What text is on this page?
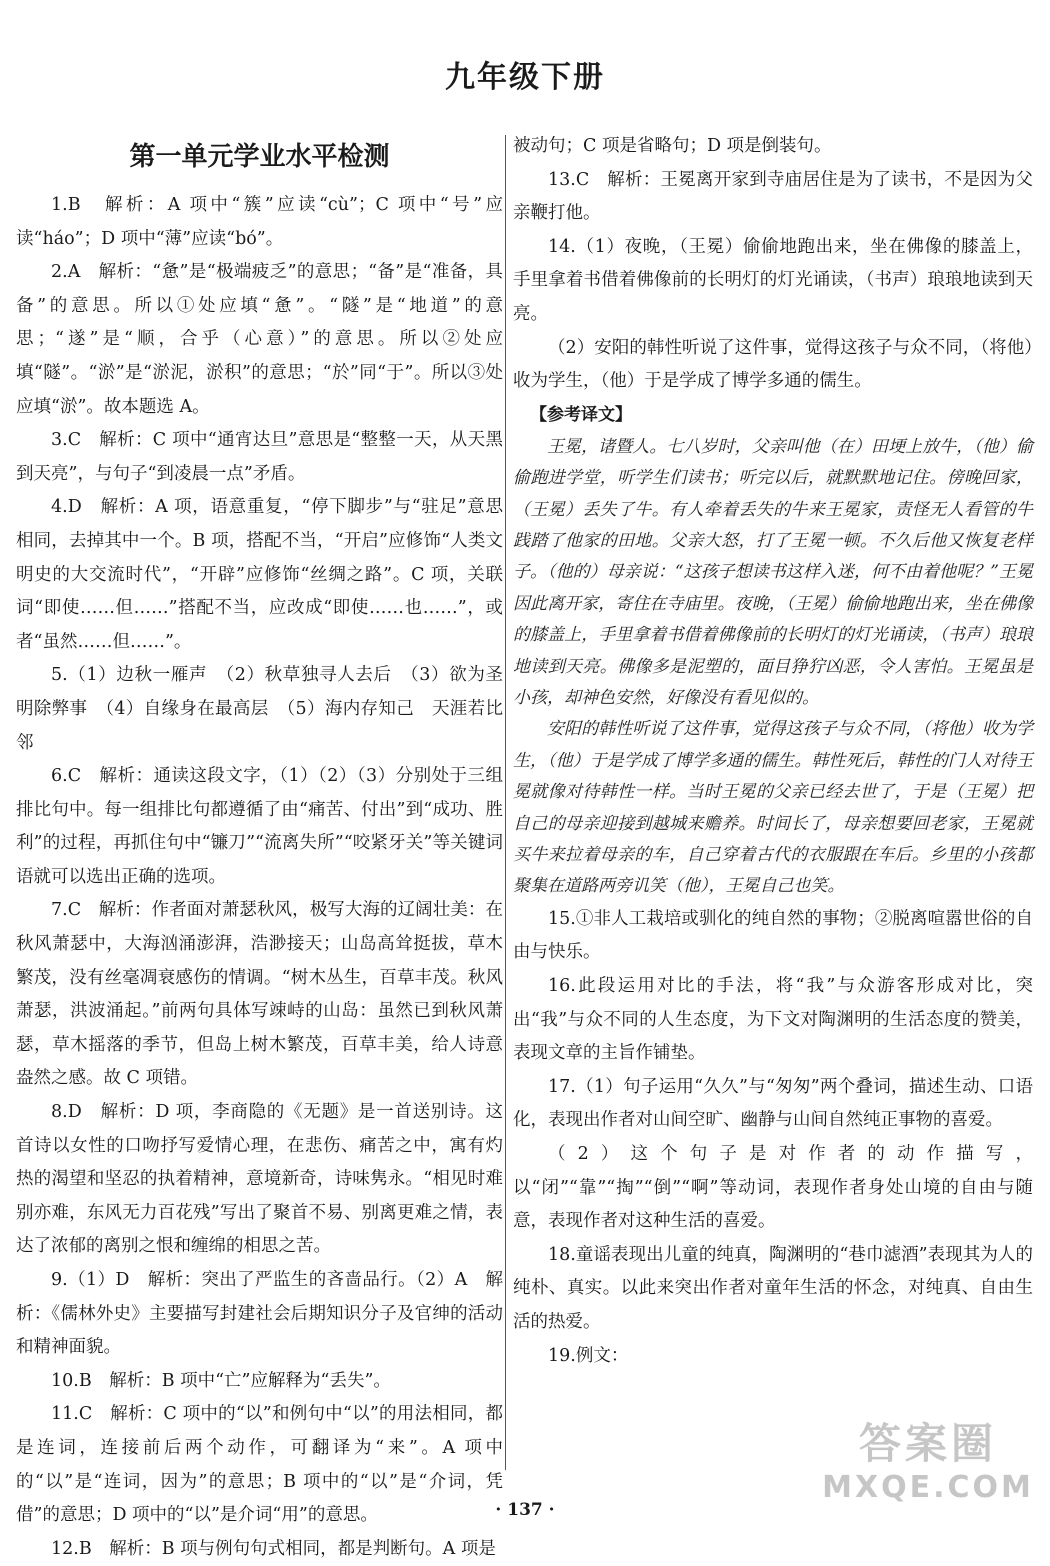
九年级下册
第一单元学业水平检测

1.B　解析：A 项中“簇”应读“cù”；C 项中“号”应读“háo”；D 项中“薄”应读“bó”。

2.A　解析：“惫”是“极端疲乏”的意思；“备”是“准备，具备”的意思。所以①处应填“惫”。“隧”是“地道”的意思；“遂”是“顺，合乎（心意）”的意思。所以②处应填“隧”。“淤”是“淤泥，淤积”的意思；“於”同“于”。所以③处应填“淤”。故本题选 A。

3.C　解析：C 项中“通宵达旦”意思是“整整一天，从天黑到天亮”，与句子“到凌晨一点”矛盾。

4.D　解析：A 项，语意重复，“停下脚步”与“驻足”意思相同，去掉其中一个。B 项，搭配不当，“开启”应修饰“人类文明史的大交流时代”，“开辟”应修饰“丝绸之路”。C 项，关联词“即使……但……”搭配不当，应改成“即使……也……”，或者“虽然……但……”。

5.（1）边秋一雁声　（2）秋草独寻人去后　（3）欲为圣明除弊事　（4）自缘身在最高层　（5）海内存知己　天涯若比邻

6.C　解析：通读这段文字，（1）（2）（3）分别处于三组排比句中。每一组排比句都遵循了由“痛苦、付出”到“成功、胜利”的过程，再抓住句中“镰刀”“流离失所”“咬紧牙关”等关键词语就可以选出正确的选项。

7.C　解析：作者面对萧瑟秋风，极写大海的辽阔壮美：在秋风萧瑟中，大海汹涌澎湃，浩渺接天；山岛高耸挺拔，草木繁茂，没有丝毫凋衰感伤的情调。“树木丛生，百草丰茂。秋风萧瑟，洪波涌起。”前两句具体写竦峙的山岛：虽然已到秋风萧瑟，草木摇落的季节，但岛上树木繁茂，百草丰美，给人诗意盎然之感。故 C 项错。

8.D　解析：D 项，李商隐的《无题》是一首送别诗。这首诗以女性的口吻抒写爱情心理，在悲伤、痛苦之中，寓有灼热的渴望和坚忍的执着精神，意境新奇，诗味隽永。“相见时难别亦难，东风无力百花残”写出了聚首不易、别离更难之情，表达了浓郁的离别之恨和缠绵的相思之苦。

9.（1）D　解析：突出了严监生的吝啬品行。（2）A　解析：《儒林外史》主要描写封建社会后期知识分子及官绅的活动和精神面貌。

10.B　解析：B 项中“亡”应解释为“丢失”。

11.C　解析：C 项中的“以”和例句中“以”的用法相同，都是连词，连接前后两个动作，可翻译为“来”。A 项中的“以”是“连词，因为”的意思；B 项中的“以”是“介词，凭借”的意思；D 项中的“以”是介词“用”的意思。

12.B　解析：B 项与例句句式相同，都是判断句。A 项是

被动句；C 项是省略句；D 项是倒装句。

13.C　解析：王冕离开家到寺庙居住是为了读书，不是因为父亲鞭打他。

14.（1）夜晚，（王冕）偷偷地跑出来，坐在佛像的膝盖上，手里拿着书借着佛像前的长明灯的灯光诵读，（书声）琅琅地读到天亮。

（2）安阳的韩性听说了这件事，觉得这孩子与众不同，（将他）收为学生，（他）于是学成了博学多通的儒生。

【参考译文】

王冕，诸暨人。七八岁时，父亲叫他（在）田埂上放牛，（他）偷偷跑进学堂，听学生们读书；听完以后，就默默地记住。傍晚回家，（王冕）丢失了牛。有人牵着丢失的牛来王冕家，责怪无人看管的牛践踏了他家的田地。父亲大怒，打了王冕一顿。不久后他又恢复老样子。（他的）母亲说：“这孩子想读书这样入迷，何不由着他呢？”王冕因此离开家，寄住在寺庙里。夜晚，（王冕）偷偷地跑出来，坐在佛像的膝盖上，手里拿着书借着佛像前的长明灯的灯光诵读，（书声）琅琅地读到天亮。佛像多是泥塑的，面目狰狞凶恶，令人害怕。王冕虽是小孩，却神色安然，好像没有看见似的。

安阳的韩性听说了这件事，觉得这孩子与众不同，（将他）收为学生，（他）于是学成了博学多通的儒生。韩性死后，韩性的门人对待王冕就像对待韩性一样。当时王冕的父亲已经去世了，于是（王冕）把自己的母亲迎接到越城来赡养。时间长了，母亲想要回老家，王冕就买牛来拉着母亲的车，自己穿着古代的衣服跟在车后。乡里的小孩都聚集在道路两旁讥笑（他），王冕自己也笑。

15.①非人工栽培或驯化的纯自然的事物；②脱离喧嚣世俗的自由与快乐。

16.此段运用对比的手法，将“我”与众游客形成对比，突出“我”与众不同的人生态度，为下文对陶渊明的生活态度的赞美，表现文章的主旨作铺垫。

17.（1）句子运用“久久”与“匆匆”两个叠词，描述生动、口语化，表现出作者对山间空旷、幽静与山间自然纯正事物的喜爱。

（2）这个句子是对作者的动作描写，以“闭”“靠”“掏”“倒”“啊”等动词，表现作者身处山境的自由与随意，表现作者对这种生活的喜爱。

18.童谣表现出儿童的纯真，陶渊明的“巷巾滤酒”表现其为人的纯朴、真实。以此来突出作者对童年生活的怀念，对纯真、自由生活的热爱。

19.例文：

· 137 ·
答案圈
MXQE.COM
